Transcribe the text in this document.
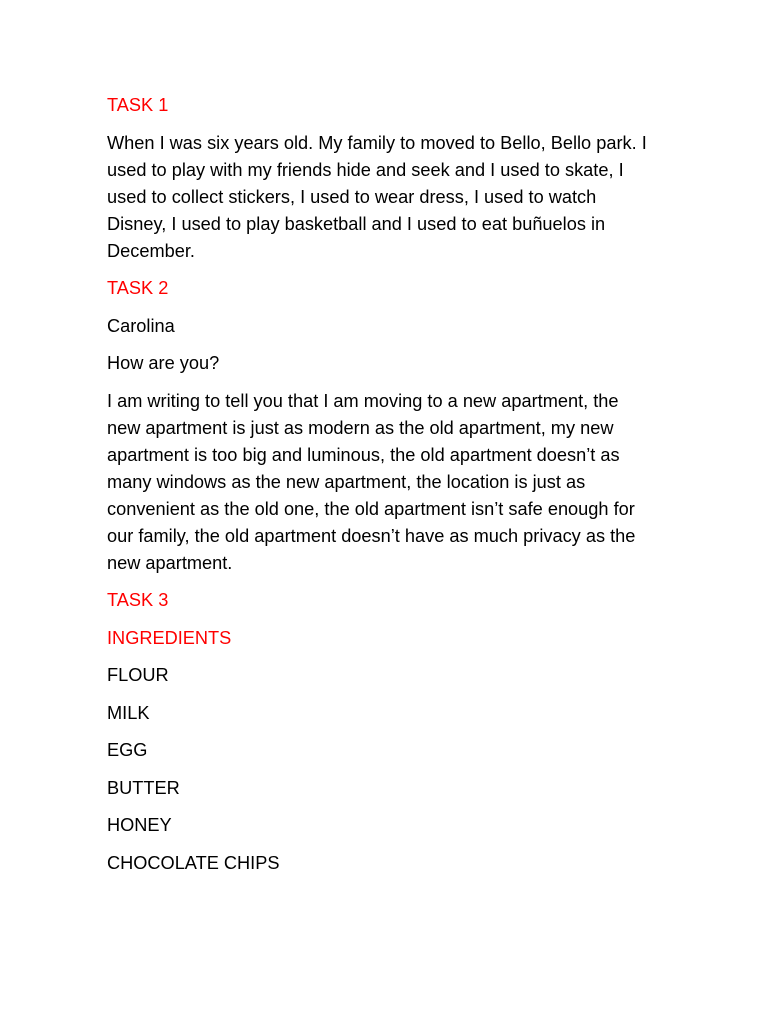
TASK 1

When I was six years old. My family to moved to Bello, Bello park. I
used to play with my friends hide and seek and I used to skate, I
used to collect stickers, I used to wear dress, I used to watch
Disney, I used to play basketball and I used to eat buñuelos in
December.

TASK 2

Carolina

How are you?

I am writing to tell you that I am moving to a new apartment, the
new apartment is just as modern as the old apartment, my new
apartment is too big and luminous, the old apartment doesn’t as
many windows as the new apartment, the location is just as
convenient as the old one, the old apartment isn’t safe enough for
our family, the old apartment doesn’t have as much privacy as the
new apartment.

TASK 3

INGREDIENTS

FLOUR

MILK

EGG

BUTTER

HONEY

CHOCOLATE CHIPS
